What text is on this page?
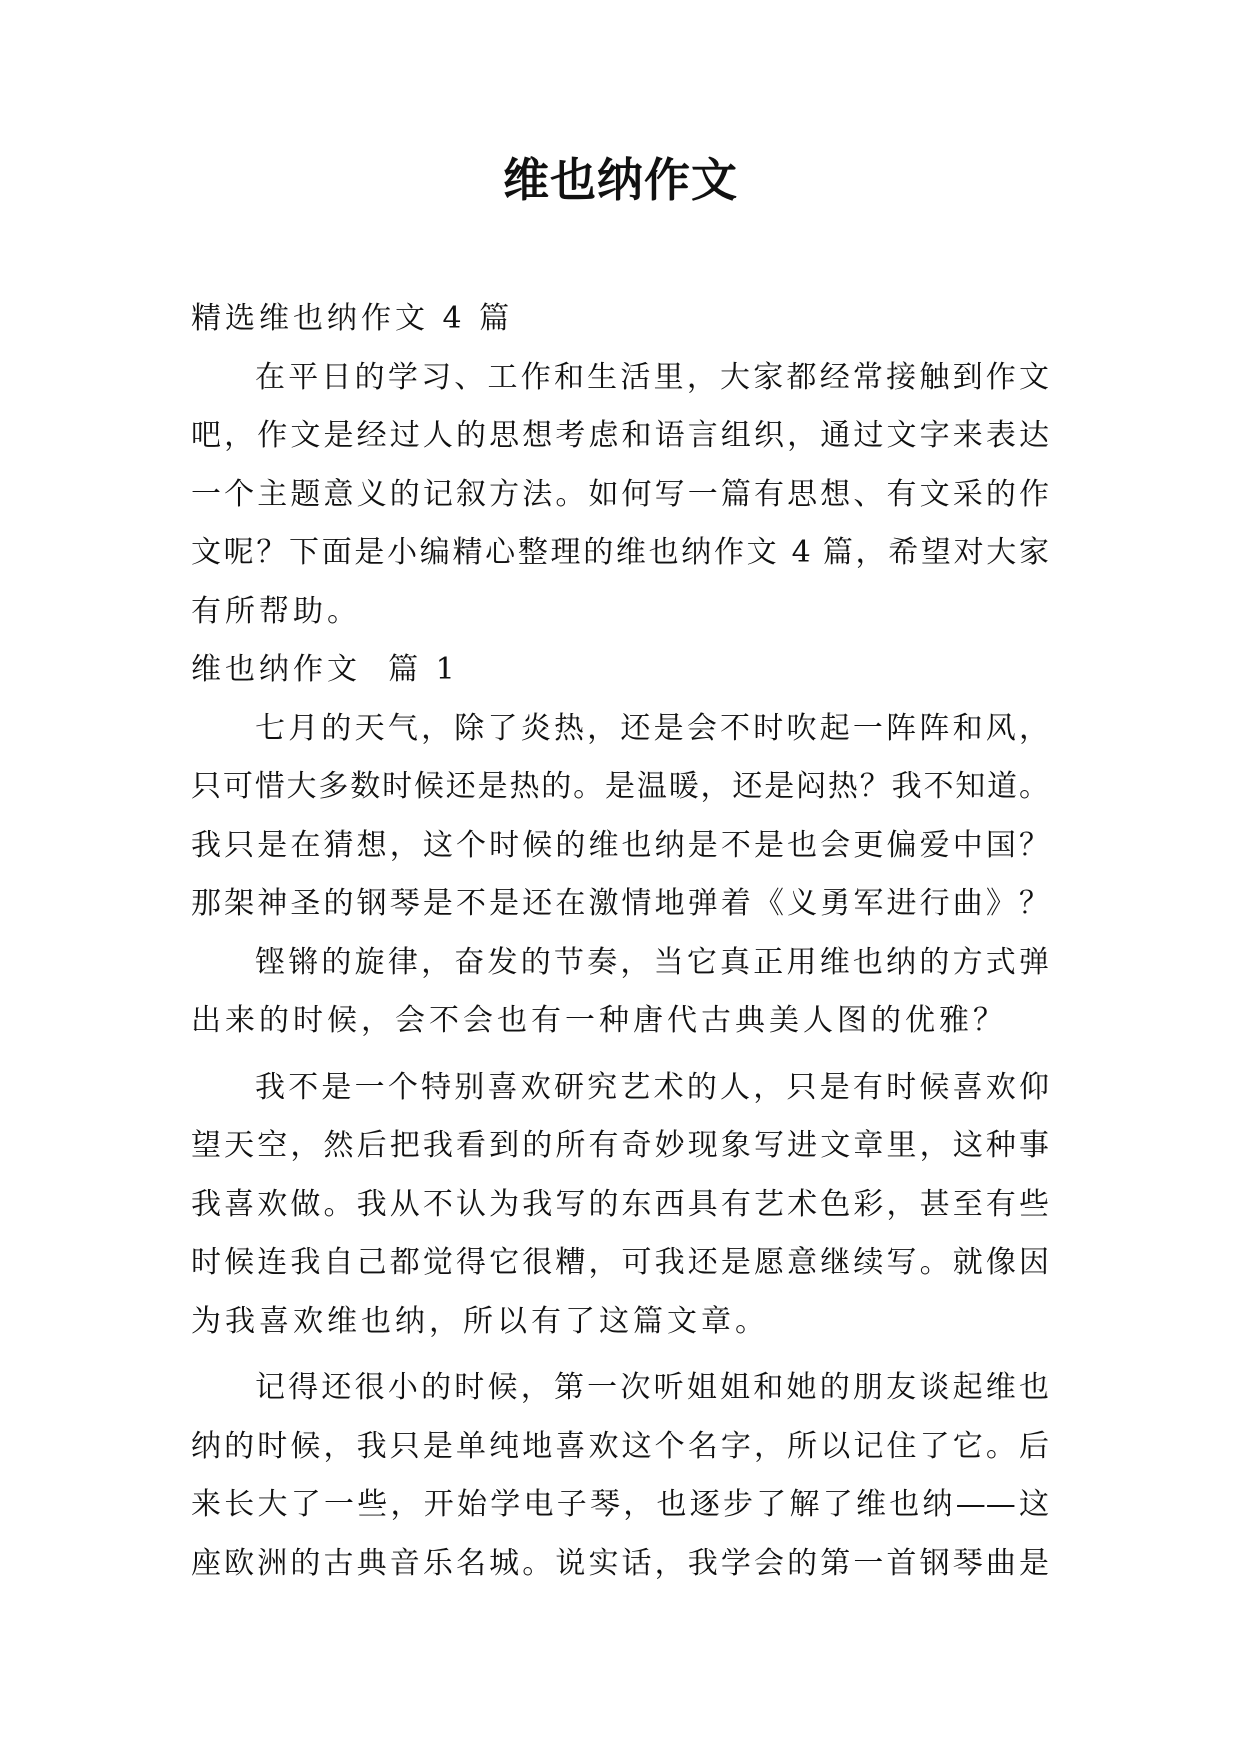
维也纳作文
精选维也纳作文 4 篇
在平日的学习、工作和生活里，大家都经常接触到作文
吧，作文是经过人的思想考虑和语言组织，通过文字来表达
一个主题意义的记叙方法。如何写一篇有思想、有文采的作
文呢？下面是小编精心整理的维也纳作文 4 篇，希望对大家
有所帮助。
维也纳作文  篇 1
七月的天气，除了炎热，还是会不时吹起一阵阵和风，
只可惜大多数时候还是热的。是温暖，还是闷热？我不知道。
我只是在猜想，这个时候的维也纳是不是也会更偏爱中国？
那架神圣的钢琴是不是还在激情地弹着《义勇军进行曲》？
铿锵的旋律，奋发的节奏，当它真正用维也纳的方式弹
出来的时候，会不会也有一种唐代古典美人图的优雅？
我不是一个特别喜欢研究艺术的人，只是有时候喜欢仰
望天空，然后把我看到的所有奇妙现象写进文章里，这种事
我喜欢做。我从不认为我写的东西具有艺术色彩，甚至有些
时候连我自己都觉得它很糟，可我还是愿意继续写。就像因
为我喜欢维也纳，所以有了这篇文章。
记得还很小的时候，第一次听姐姐和她的朋友谈起维也
纳的时候，我只是单纯地喜欢这个名字，所以记住了它。后
来长大了一些，开始学电子琴，也逐步了解了维也纳——这
座欧洲的古典音乐名城。说实话，我学会的第一首钢琴曲是
